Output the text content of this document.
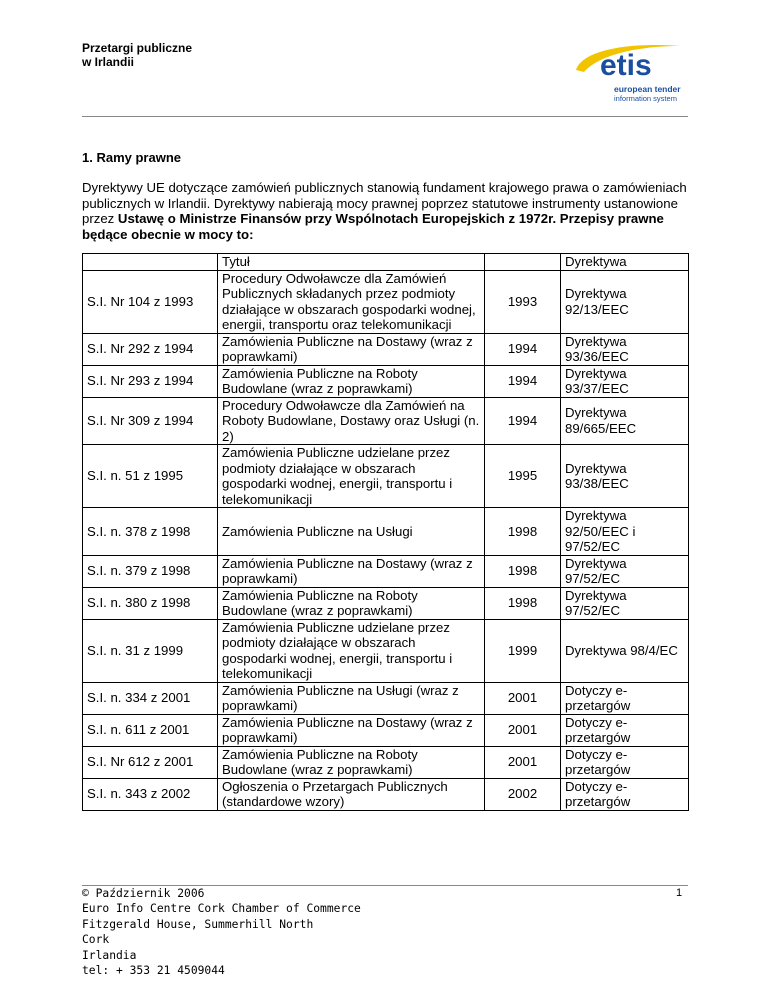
Przetargi publiczne
w Irlandii	etis
european tender
information system
1. Ramy prawne
Dyrektywy UE dotyczące zamówień publicznych stanowią fundament krajowego prawa o zamówieniach publicznych w Irlandii. Dyrektywy nabierają mocy prawnej poprzez statutowe instrumenty ustanowione przez Ustawę o Ministrze Finansów przy Wspólnotach Europejskich z 1972r. Przepisy prawne będące obecnie w mocy to:
	Tytuł		Dyrektywa
S.I. Nr 104 z 1993	Procedury Odwoławcze dla Zamówień Publicznych składanych przez podmioty działające w obszarach gospodarki wodnej, energii, transportu oraz telekomunikacji	1993	Dyrektywa 92/13/EEC
S.I. Nr 292 z 1994	Zamówienia Publiczne na Dostawy (wraz z poprawkami)	1994	Dyrektywa 93/36/EEC
S.I. Nr 293 z 1994	Zamówienia Publiczne na Roboty Budowlane (wraz z poprawkami)	1994	Dyrektywa 93/37/EEC
S.I. Nr 309 z 1994	Procedury Odwoławcze dla Zamówień na Roboty Budowlane, Dostawy oraz Usługi (n. 2)	1994	Dyrektywa 89/665/EEC
S.I. n. 51 z 1995	Zamówienia Publiczne udzielane przez podmioty działające w obszarach gospodarki wodnej, energii, transportu i telekomunikacji	1995	Dyrektywa 93/38/EEC
S.I. n. 378 z 1998	Zamówienia Publiczne na Usługi	1998	Dyrektywa 92/50/EEC i 97/52/EC
S.I. n. 379 z 1998	Zamówienia Publiczne na Dostawy (wraz z poprawkami)	1998	Dyrektywa 97/52/EC
S.I. n. 380 z 1998	Zamówienia Publiczne na Roboty Budowlane (wraz z poprawkami)	1998	Dyrektywa 97/52/EC
S.I. n. 31 z 1999	Zamówienia Publiczne udzielane przez podmioty działające w obszarach gospodarki wodnej, energii, transportu i telekomunikacji	1999	Dyrektywa 98/4/EC
S.I. n. 334 z 2001	Zamówienia Publiczne na Usługi (wraz z poprawkami)	2001	Dotyczy e-przetargów
S.I. n. 611 z 2001	Zamówienia Publiczne na Dostawy (wraz z poprawkami)	2001	Dotyczy e-przetargów
S.I. Nr 612 z 2001	Zamówienia Publiczne na Roboty Budowlane (wraz z poprawkami)	2001	Dotyczy e-przetargów
S.I. n. 343 z 2002	Ogłoszenia o Przetargach Publicznych (standardowe wzory)	2002	Dotyczy e-przetargów
© Październik 2006
Euro Info Centre Cork Chamber of Commerce
Fitzgerald House, Summerhill North
Cork
Irlandia
tel: + 353 21 4509044
1
